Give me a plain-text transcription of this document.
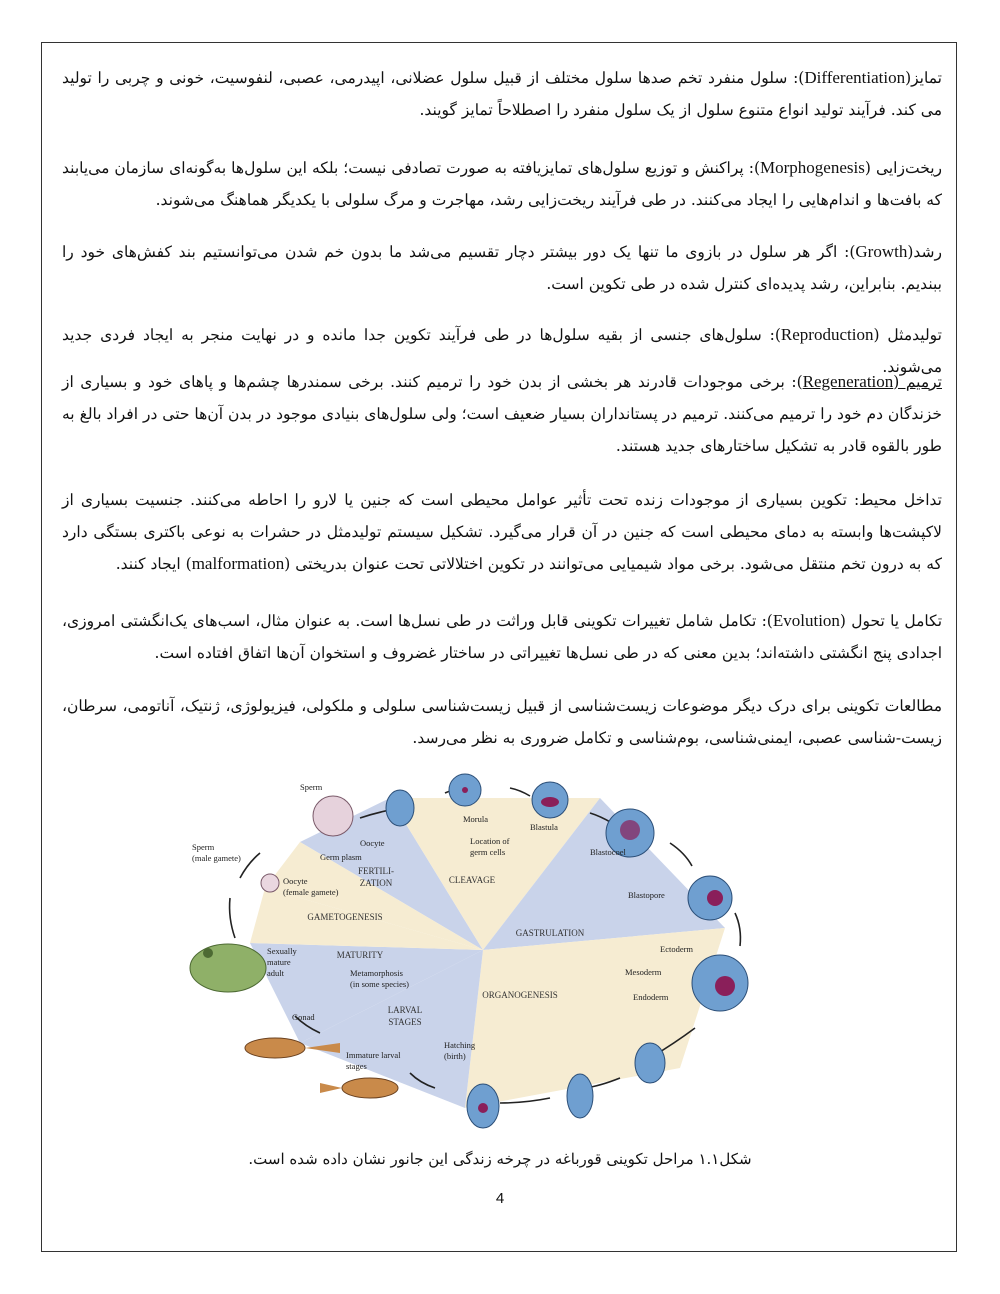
تمایز(Differentiation): سلول منفرد تخم صدها سلول مختلف از قبیل سلول عضلانی، اپیدرمی، عصبی، لنفوسیت، خونی و چربی را تولید می کند. فرآیند تولید انواع متنوع سلول از یک سلول منفرد را اصطلاحاً تمایز گویند.

ریخت‌زایی (Morphogenesis): پراکنش و توزیع سلول‌های تمایزیافته به صورت تصادفی نیست؛ بلکه این سلول‌ها به‌گونه‌ای سازمان می‌یابند که بافت‌ها و اندام‌هایی را ایجاد می‌کنند. در طی فرآیند ریخت‌زایی رشد، مهاجرت و مرگ سلولی با یکدیگر هماهنگ می‌شوند.

رشد(Growth): اگر هر سلول در بازوی ما تنها یک دور بیشتر دچار تقسیم می‌شد ما بدون خم شدن می‌توانستیم بند کفش‌های خود را ببندیم. بنابراین، رشد پدیده‌ای کنترل شده در طی تکوین است.

تولیدمثل (Reproduction): سلول‌های جنسی از بقیه سلول‌ها در طی فرآیند تکوین جدا مانده و در نهایت منجر به ایجاد فردی جدید می‌شوند.

ترمیم (Regeneration): برخی موجودات قادرند هر بخشی از بدن خود را ترمیم کنند. برخی سمندرها چشم‌ها و پاهای خود و بسیاری از خزندگان دم خود را ترمیم می‌کنند. ترمیم در پستانداران بسیار ضعیف است؛ ولی سلول‌های بنیادی موجود در بدن آن‌ها حتی در افراد بالغ به طور بالقوه قادر به تشکیل ساختارهای جدید هستند.

تداخل محیط: تکوین بسیاری از موجودات زنده تحت تأثیر عوامل محیطی است که جنین یا لارو را احاطه می‌کنند. جنسیت بسیاری از لاکپشت‌ها وابسته به دمای محیطی است که جنین در آن قرار می‌گیرد. تشکیل سیستم تولیدمثل در حشرات به نوعی باکتری بستگی دارد که به درون تخم منتقل می‌شود. برخی مواد شیمیایی می‌توانند در تکوین اختلالاتی تحت عنوان بدریختی (malformation) ایجاد کنند.

تکامل یا تحول (Evolution): تکامل شامل تغییرات تکوینی قابل وراثت در طی نسل‌ها است. به عنوان مثال، اسب‌های یک‌انگشتی امروزی، اجدادی پنج انگشتی داشته‌اند؛ بدین معنی که در طی نسل‌ها تغییراتی در ساختار غضروف و استخوان آن‌ها اتفاق افتاده است.

مطالعات تکوینی برای درک دیگر موضوعات زیست‌شناسی از قبیل زیست‌شناسی سلولی و ملکولی، فیزیولوژی، ژنتیک، آناتومی، سرطان، زیست-شناسی عصبی، ایمنی‌شناسی، بوم‌شناسی و تکامل ضروری به نظر می‌رسد.

FERTILI-
ZATION	CLEAVAGE
GASTRULATION
ORGANOGENESIS
LARVAL
STAGES
MATURITY
GAMETOGENESIS
Sperm
Oocyte
Germ plasm
Morula
Blastula
Location of
germ cells	Blastocoel
Blastopore
Ectoderm
Mesoderm
Endoderm
Sperm
(male gamete)
Oocyte
(female gamete)
Sexually
mature
adult	Metamorphosis
(in some species)
Gonad
Immature larval
stages
Hatching
(birth)
شکل۱.۱ مراحل تکوینی قورباغه در چرخه زندگی این جانور نشان داده شده است.
4
